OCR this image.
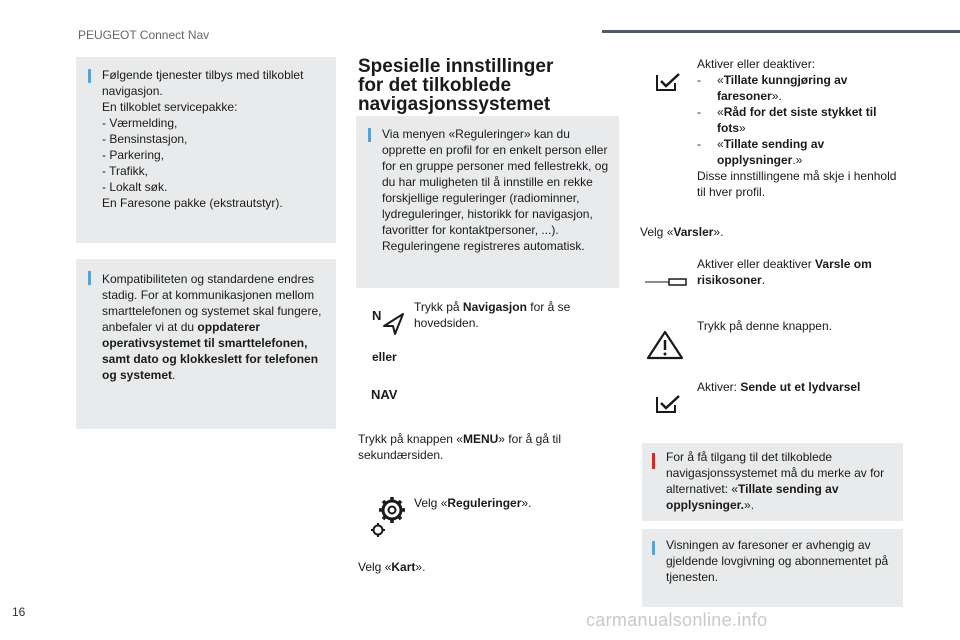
PEUGEOT Connect Nav
Følgende tjenester tilbys med tilkoblet navigasjon.
En tilkoblet servicepakke:
- Værmelding,
- Bensinstasjon,
- Parkering,
- Trafikk,
- Lokalt søk.
En Faresone pakke (ekstrautstyr).
Kompatibiliteten og standardene endres stadig. For at kommunikasjonen mellom smarttelefonen og systemet skal fungere, anbefaler vi at du oppdaterer operativsystemet til smarttelefonen, samt dato og klokkeslett for telefonen og systemet.
Spesielle innstillinger
for det tilkoblede
navigasjonssystemet
Via menyen «Reguleringer» kan du opprette en profil for en enkelt person eller for en gruppe personer med fellestrekk, og du har muligheten til å innstille en rekke forskjellige reguleringer (radiominner, lydreguleringer, historikk for navigasjon, favoritter for kontaktpersoner, ...). Reguleringene registreres automatisk.
N
Trykk på Navigasjon for å se hovedsiden.
eller
NAV
Trykk på knappen «MENU» for å gå til sekundærsiden.
Velg «Reguleringer».
Velg «Kart».
Aktiver eller deaktiver:
- «Tillate kunngjøring av faresoner».
- «Råd for det siste stykket til fots»
- «Tillate sending av opplysninger.»
Disse innstillingene må skje i henhold til hver profil.
Velg «Varsler».
Aktiver eller deaktiver Varsle om risikosoner.
Trykk på denne knappen.
Aktiver: Sende ut et lydvarsel
For å få tilgang til det tilkoblede navigasjonssystemet må du merke av for alternativet: «Tillate sending av opplysninger.».
Visningen av faresoner er avhengig av gjeldende lovgivning og abonnementet på tjenesten.
16	carmanualsonline.info
